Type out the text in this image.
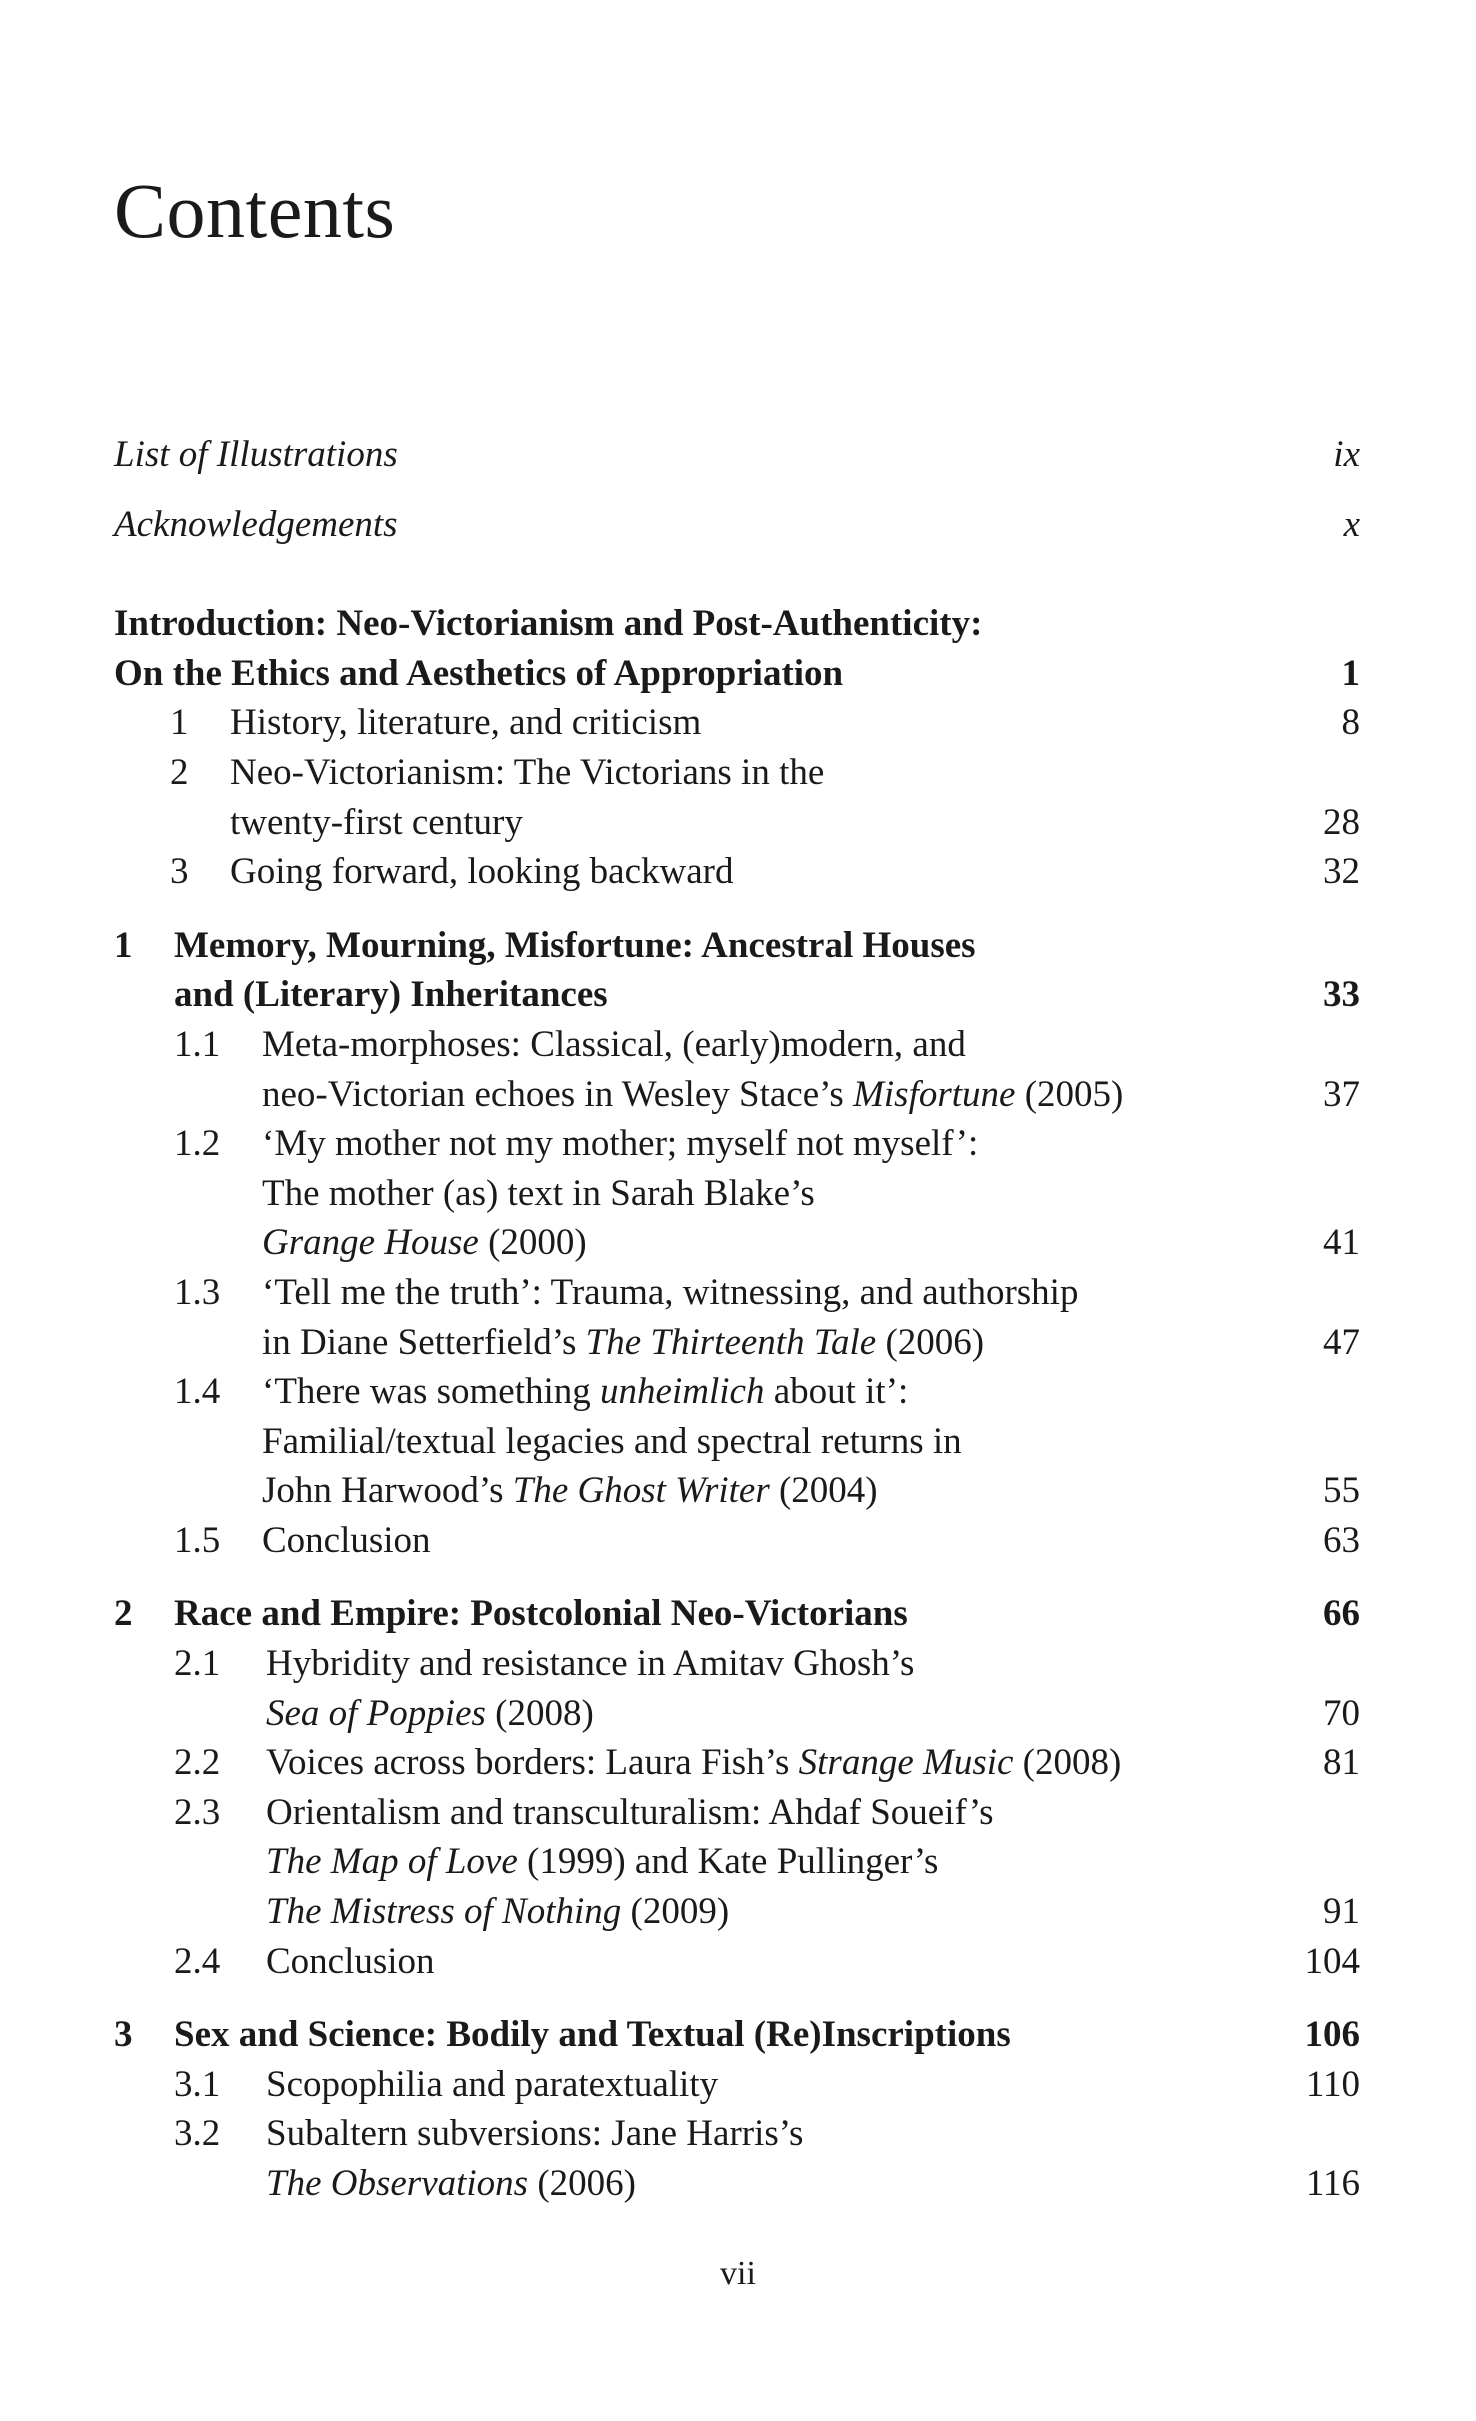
Contents
List of Illustrations	ix
Acknowledgements	x
Introduction: Neo-Victorianism and Post-Authenticity:
On the Ethics and Aesthetics of Appropriation	1
1	History, literature, and criticism	8
2	Neo-Victorianism: The Victorians in the
twenty-first century	28
3	Going forward, looking backward	32
1	Memory, Mourning, Misfortune: Ancestral Houses
and (Literary) Inheritances	33
1.1	Meta-morphoses: Classical, (early)modern, and
neo-Victorian echoes in Wesley Stace’s Misfortune (2005)	37
1.2	‘My mother not my mother; myself not myself’:
The mother (as) text in Sarah Blake’s
Grange House (2000)	41
1.3	‘Tell me the truth’: Trauma, witnessing, and authorship
in Diane Setterfield’s The Thirteenth Tale (2006)	47
1.4	‘There was something unheimlich about it’:
Familial/textual legacies and spectral returns in
John Harwood’s The Ghost Writer (2004)	55
1.5	Conclusion	63
2	Race and Empire: Postcolonial Neo-Victorians	66
2.1	Hybridity and resistance in Amitav Ghosh’s
Sea of Poppies (2008)	70
2.2	Voices across borders: Laura Fish’s Strange Music (2008)	81
2.3	Orientalism and transculturalism: Ahdaf Soueif’s
The Map of Love (1999) and Kate Pullinger’s
The Mistress of Nothing (2009)	91
2.4	Conclusion	104
3	Sex and Science: Bodily and Textual (Re)Inscriptions	106
3.1	Scopophilia and paratextuality	110
3.2	Subaltern subversions: Jane Harris’s
The Observations (2006)	116
vii
